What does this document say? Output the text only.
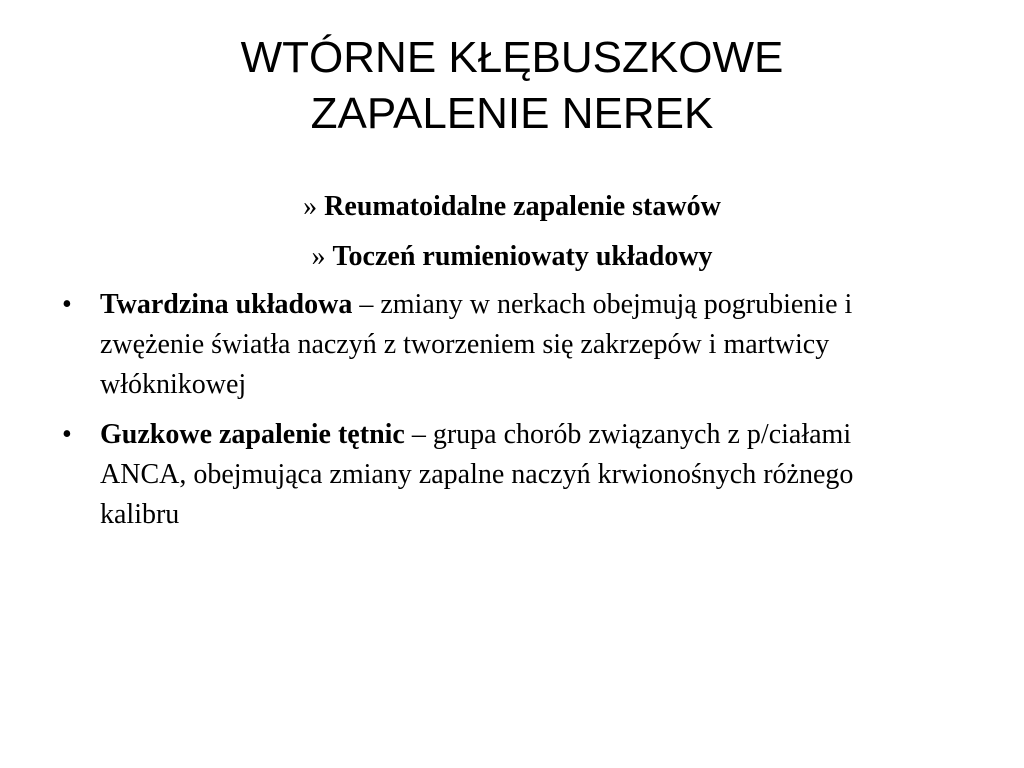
WTÓRNE KŁĘBUSZKOWE
ZAPALENIE NEREK
» Reumatoidalne zapalenie stawów
» Toczeń rumieniowaty układowy
• Twardzina układowa – zmiany w nerkach obejmują pogrubienie i zwężenie światła naczyń z tworzeniem się zakrzepów i martwicy włóknikowej
• Guzkowe zapalenie tętnic – grupa chorób związanych z p/ciałami ANCA, obejmująca zmiany zapalne naczyń krwionośnych różnego kalibru
